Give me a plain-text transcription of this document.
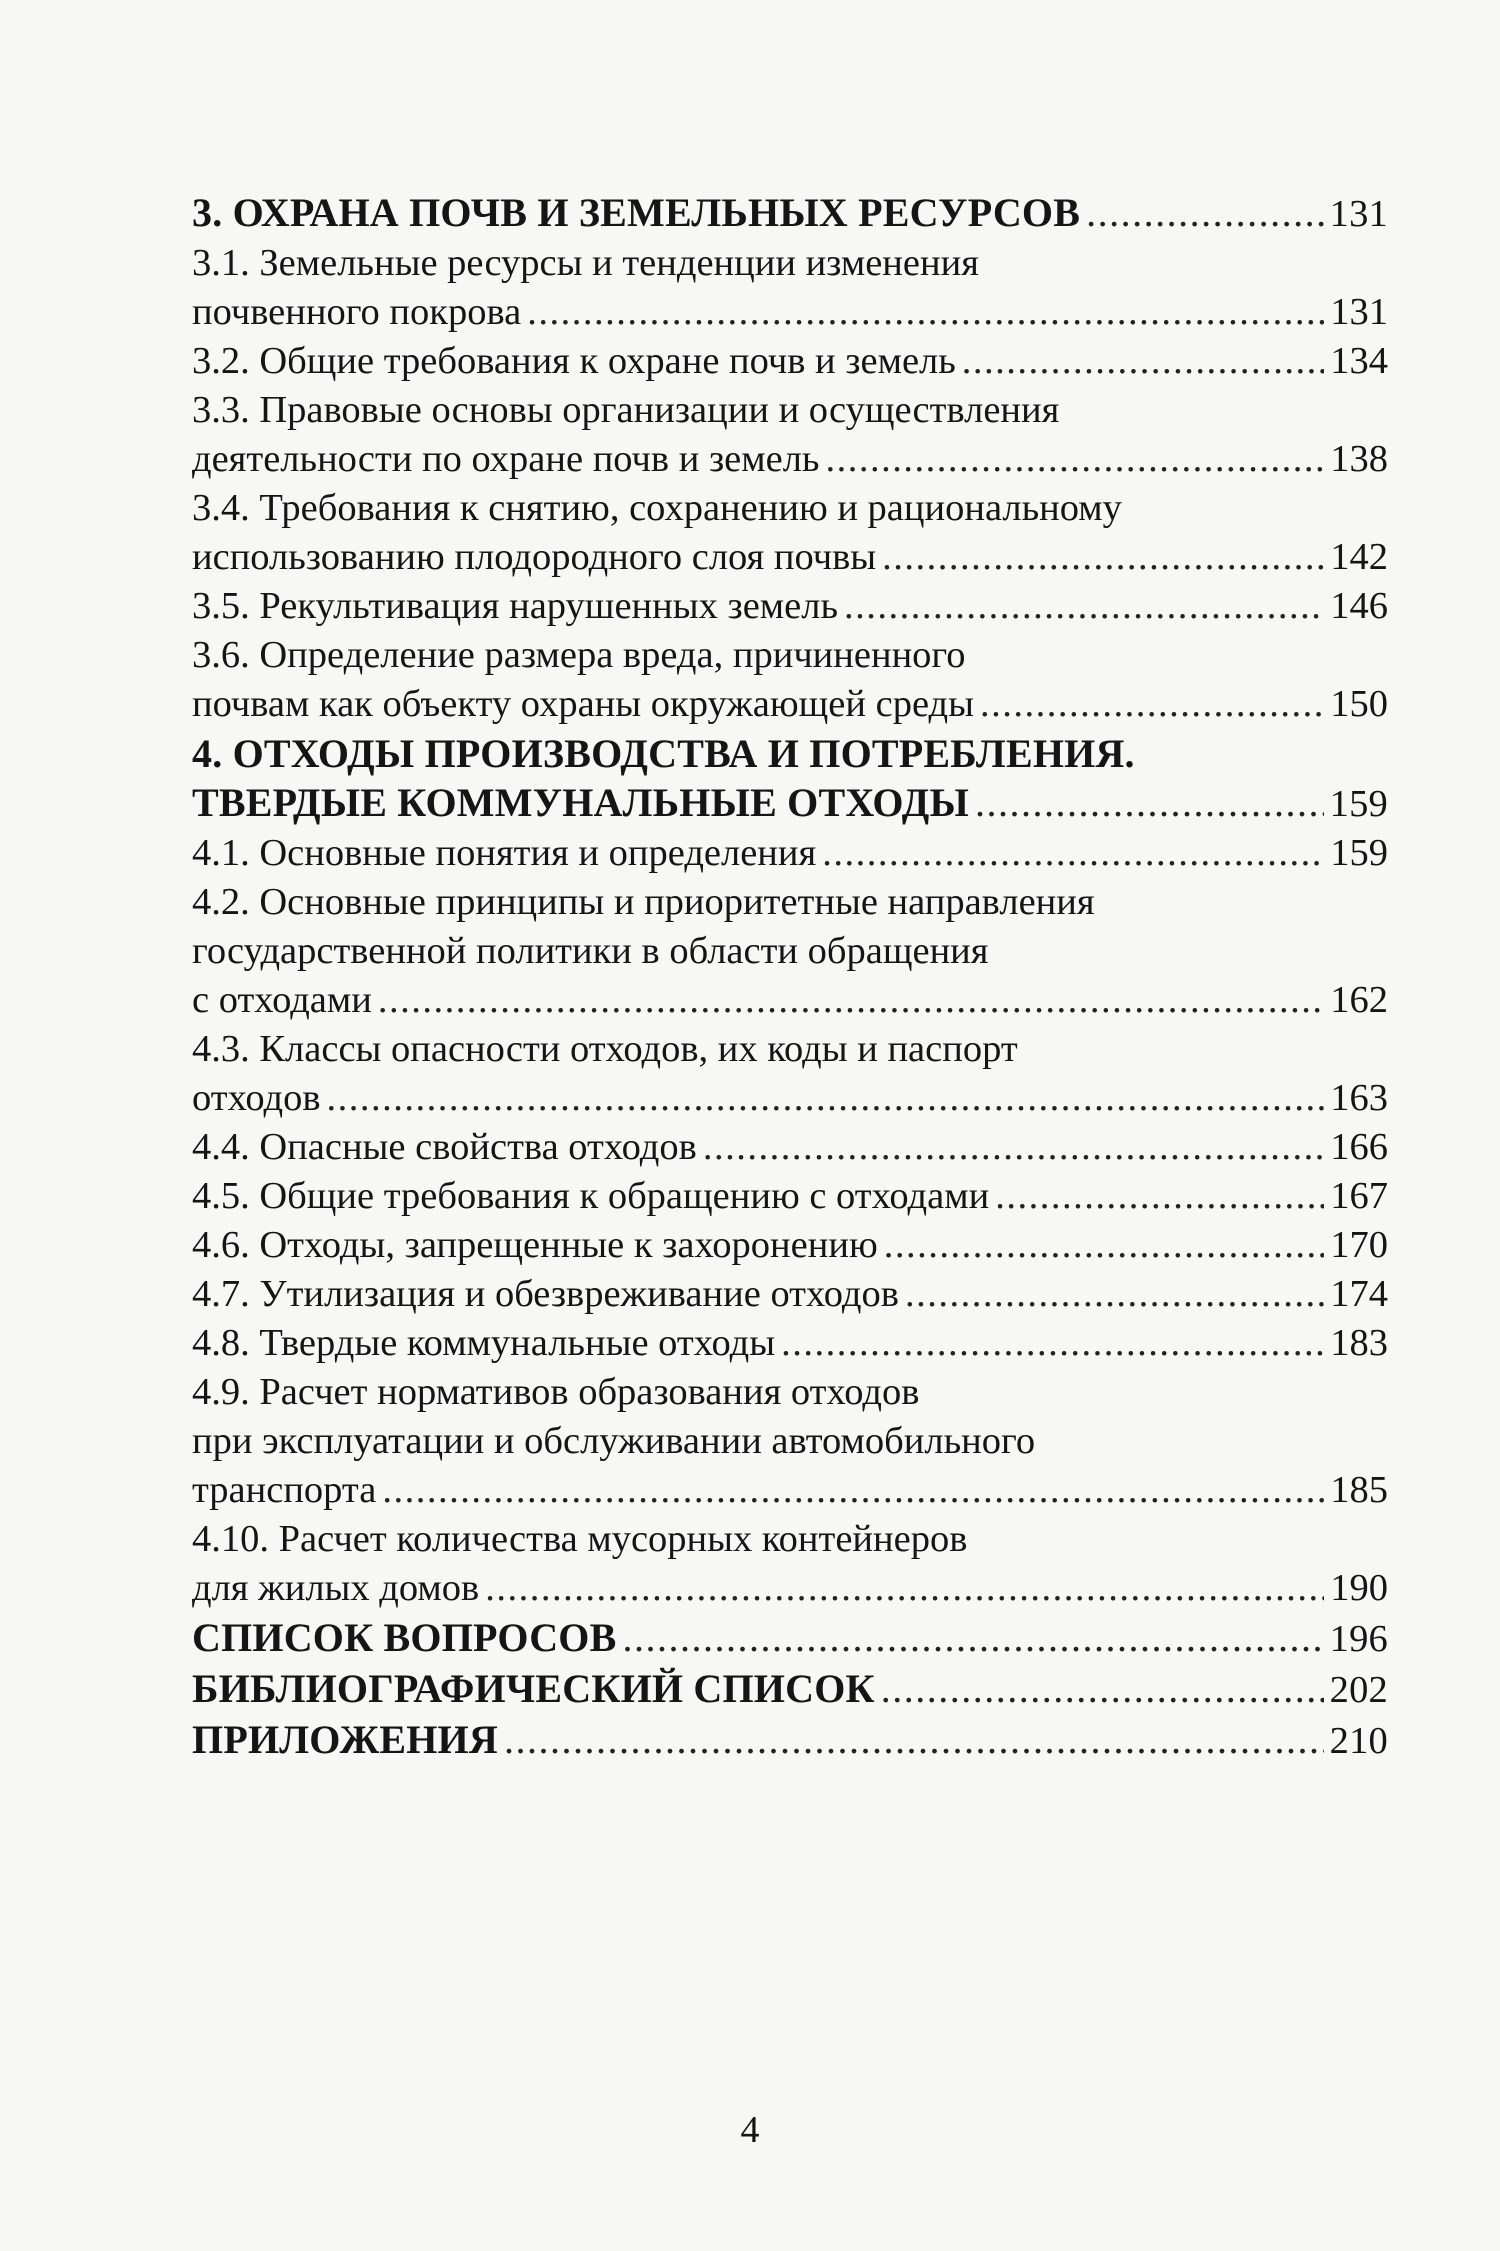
3. ОХРАНА ПОЧВ И ЗЕМЕЛЬНЫХ РЕСУРСОВ .....	131
3.1. Земельные ресурсы и тенденции изменения
почвенного покрова .....	131
3.2. Общие требования к охране почв и земель .....	134
3.3. Правовые основы организации и осуществления
деятельности по охране почв и земель .....	138
3.4. Требования к снятию, сохранению и рациональному
использованию плодородного слоя почвы .....	142
3.5. Рекультивация нарушенных земель .....	146
3.6. Определение размера вреда, причиненного
почвам как объекту охраны окружающей среды .....	150
4. ОТХОДЫ ПРОИЗВОДСТВА И ПОТРЕБЛЕНИЯ.
ТВЕРДЫЕ КОММУНАЛЬНЫЕ ОТХОДЫ .....	159
4.1. Основные понятия и определения .....	159
4.2. Основные принципы и приоритетные направления
государственной политики в области обращения
с отходами .....	162
4.3. Классы опасности отходов, их коды и паспорт
отходов .....	163
4.4. Опасные свойства отходов .....	166
4.5. Общие требования к обращению с отходами .....	167
4.6. Отходы, запрещенные к захоронению .....	170
4.7. Утилизация и обезвреживание отходов .....	174
4.8. Твердые коммунальные отходы .....	183
4.9. Расчет нормативов образования отходов
при эксплуатации и обслуживании автомобильного
транспорта .....	185
4.10. Расчет количества мусорных контейнеров
для жилых домов .....	190
СПИСОК ВОПРОСОВ .....	196
БИБЛИОГРАФИЧЕСКИЙ СПИСОК .....	202
ПРИЛОЖЕНИЯ .....	210
4
